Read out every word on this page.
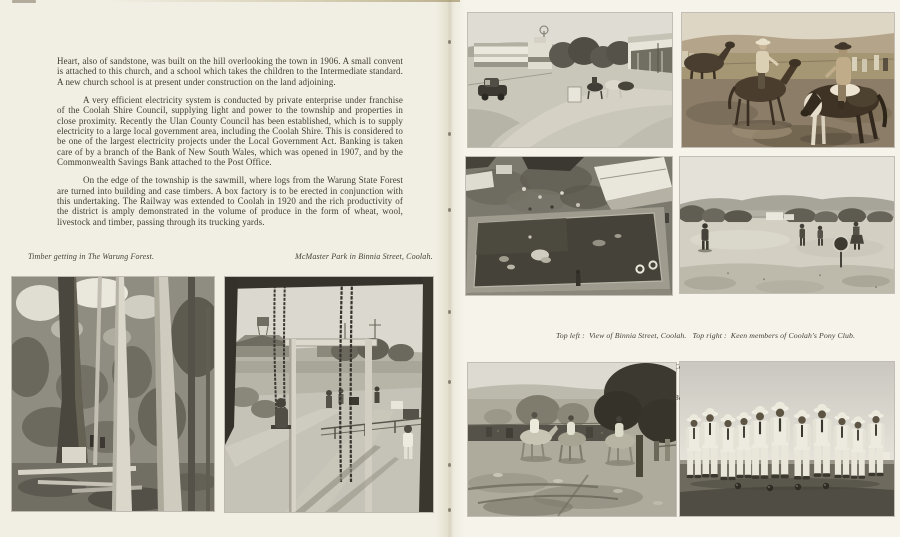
Heart, also of sandstone, was built on the hill overlooking the town in 1906. A small convent is attached to this church, and a school which takes the children to the Intermediate standard. A new church school is at present under construction on the land adjoining.

A very efficient electricity system is conducted by private enterprise under franchise of the Coolah Shire Council, supplying light and power to the township and properties in close proximity. Recently the Ulan County Council has been established, which is to supply electricity to a large local government area, including the Coolah Shire. This is considered to be one of the largest electricity projects under the Local Government Act. Banking is taken care of by a branch of the Bank of New South Wales, which was opened in 1907, and by the Commonwealth Savings Bank attached to the Post Office.

On the edge of the township is the sawmill, where logs from the Warung State Forest are turned into building and case timbers. A box factory is to be erected in conjunction with this undertaking. The Railway was extended to Coolah in 1920 and the rich productivity of the district is amply demonstrated in the volume of produce in the form of wheat, wool, livestock and timber, passing through its trucking yards.

Timber getting in The Warung Forest.	McMaster Park in Binnia Street, Coolah.

Top left :  View of Binnia Street, Coolah.   Top right :  Keen members of Coolah's Pony Club.
